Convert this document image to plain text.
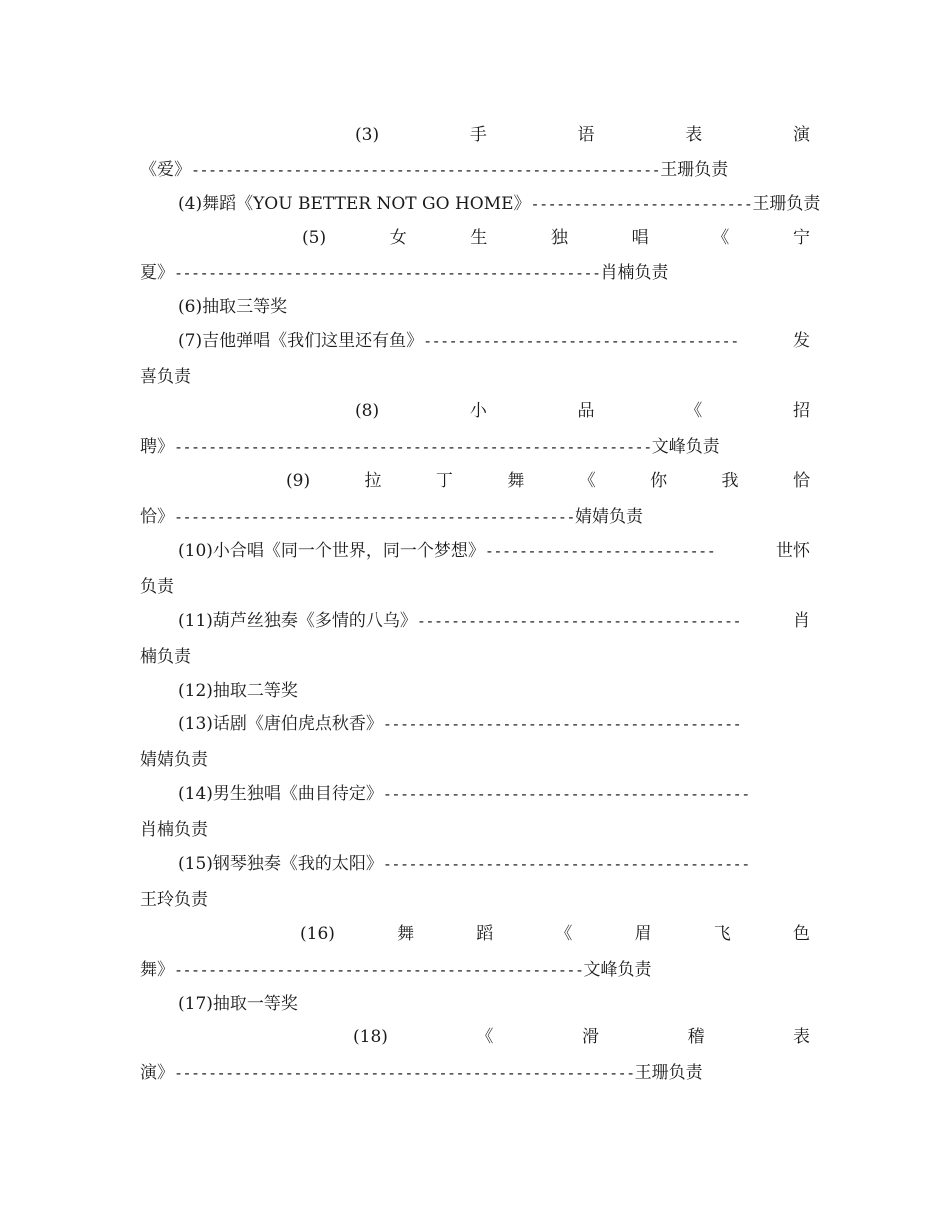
(3)	手	语	表	演
《爱》-------------------------------------------------------王珊负责
(4)舞蹈《YOU BETTER NOT GO HOME》--------------------------王珊负责
(5)	女	生	独	唱	《	宁
夏》--------------------------------------------------肖楠负责
(6)抽取三等奖
(7)吉他弹唱《我们这里还有鱼》 -------------------------------------	发
喜负责
(8)	小	品	《	招
聘》--------------------------------------------------------文峰负责
(9)	拉	丁	舞	《	你	我	恰
恰》-----------------------------------------------婧婧负责
(10)小合唱《同一个世界，同一个梦想》 ---------------------------	世怀
负责
(11)葫芦丝独奏《多情的八乌》 --------------------------------------	肖
楠负责
(12)抽取二等奖
(13)话剧《唐伯虎点秋香》 ------------------------------------------
婧婧负责
(14)男生独唱《曲目待定》 -------------------------------------------
肖楠负责
(15)钢琴独奏《我的太阳》 -------------------------------------------
王玲负责
(16)	舞	蹈	《	眉	飞	色
舞》------------------------------------------------文峰负责
(17)抽取一等奖
(18)	《	滑	稽	表
演》------------------------------------------------------王珊负责
